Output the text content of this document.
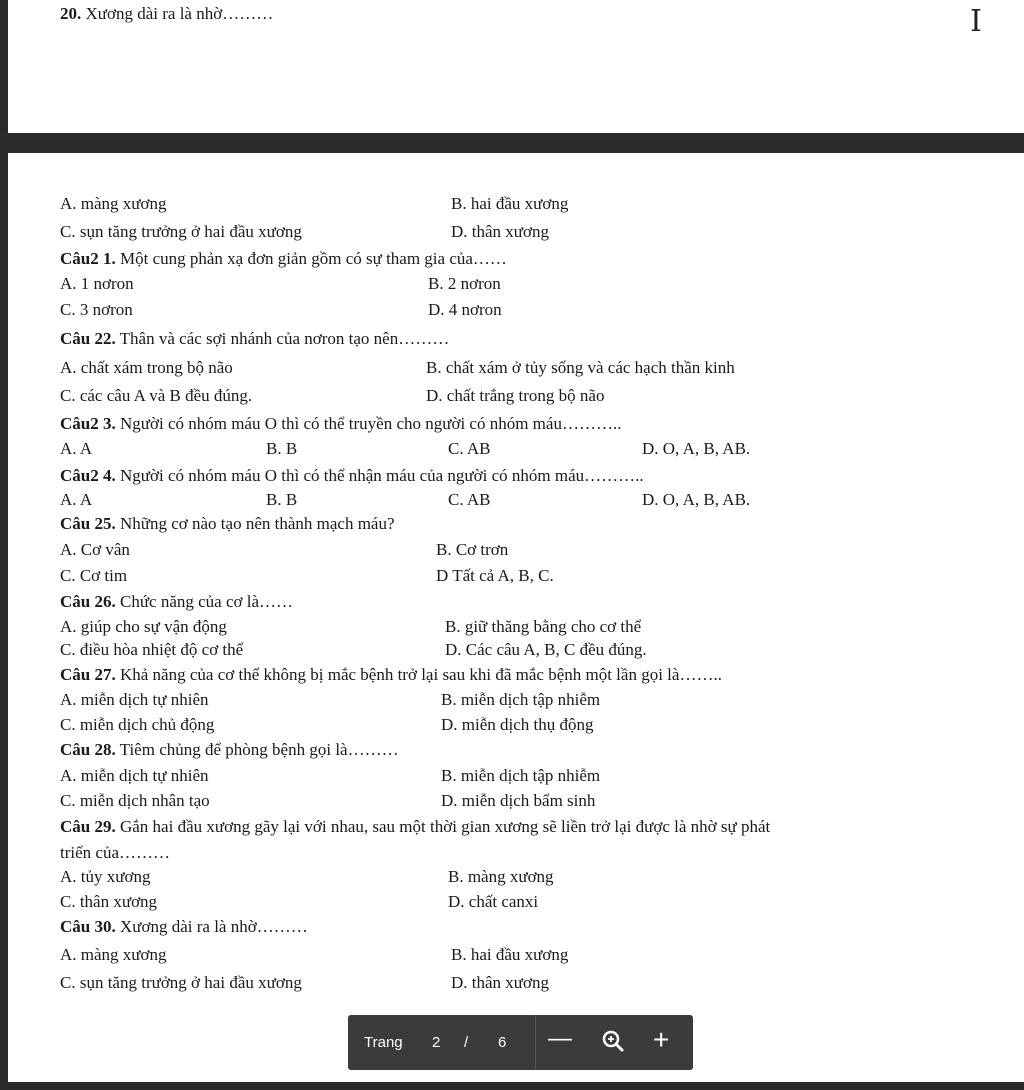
20. Xương dài ra là nhờ………	I

A. màng xương	B. hai đầu xương

C. sụn tăng trưởng ở hai đầu xương	D. thân xương

Câu2 1. Một cung phản xạ đơn giản gồm có sự tham gia của……

A. 1 nơron	B. 2 nơron

C. 3 nơron	D. 4 nơron

Câu 22. Thân và các sợi nhánh của nơron tạo nên………

A. chất xám trong bộ não	B. chất xám ở tủy sống và các hạch thần kinh

C. các câu A và B đều đúng.	D. chất trắng trong bộ não

Câu2 3. Người có nhóm máu O thì có thể truyền cho người có nhóm máu………..

A. A	B. B	C. AB	D. O, A, B, AB.

Câu2 4. Người có nhóm máu O thì có thể nhận máu của người có nhóm máu………..

A. A	B. B	C. AB	D. O, A, B, AB.

Câu 25. Những cơ nào tạo nên thành mạch máu?

A. Cơ vân	B. Cơ trơn

C. Cơ tim	D Tất cả A, B, C.

Câu 26. Chức năng của cơ là……

A. giúp cho sự vận động	B. giữ thăng bằng cho cơ thể

C. điều hòa nhiệt độ cơ thể	D. Các câu A, B, C đều đúng.

Câu 27. Khả năng của cơ thể không bị mắc bệnh trở lại sau khi đã mắc bệnh một lần gọi là……..

A. miễn dịch tự nhiên	B. miễn dịch tập nhiễm

C. miễn dịch chủ động	D. miễn dịch thụ động

Câu 28. Tiêm chủng để phòng bệnh gọi là………

A. miễn dịch tự nhiên	B. miễn dịch tập nhiễm

C. miễn dịch nhân tạo	D. miễn dịch bẩm sinh

Câu 29. Gắn hai đầu xương gãy lại với nhau, sau một thời gian xương sẽ liền trở lại được là nhờ sự phát

triển của………

A. tủy xương	B. màng xương

C. thân xương	D. chất canxi

Câu 30. Xương dài ra là nhờ………

A. màng xương	B. hai đầu xương

C. sụn tăng trưởng ở hai đầu xương	D. thân xương

Trang 2 / 6 —	+
